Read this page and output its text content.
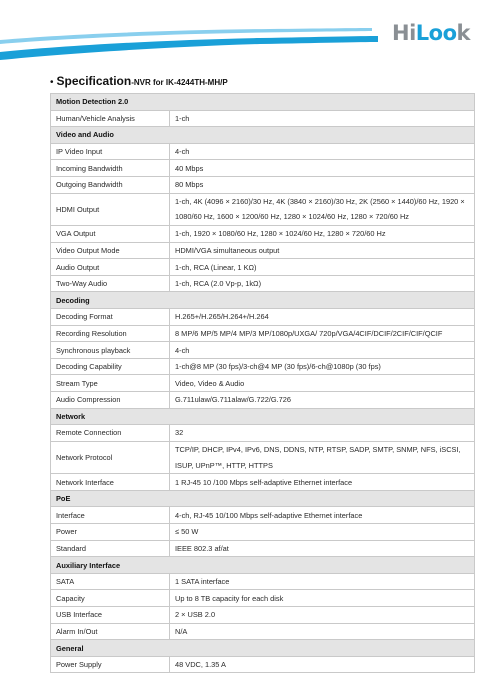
HiLook
• Specification-NVR for IK-4244TH-MH/P
Motion Detection 2.0	
Human/Vehicle Analysis	1-ch
Video and Audio	
IP Video Input	4-ch
Incoming Bandwidth	40 Mbps
Outgoing Bandwidth	80 Mbps
HDMI Output	1-ch, 4K (4096 × 2160)/30 Hz, 4K (3840 × 2160)/30 Hz, 2K (2560 × 1440)/60 Hz, 1920 × 1080/60 Hz, 1600 × 1200/60 Hz, 1280 × 1024/60 Hz, 1280 × 720/60 Hz
VGA Output	1-ch, 1920 × 1080/60 Hz, 1280 × 1024/60 Hz, 1280 × 720/60 Hz
Video Output Mode	HDMI/VGA simultaneous output
Audio Output	1-ch, RCA (Linear, 1 KΩ)
Two-Way Audio	1-ch, RCA (2.0 Vp-p, 1kΩ)
Decoding	
Decoding Format	H.265+/H.265/H.264+/H.264
Recording Resolution	8 MP/6 MP/5 MP/4 MP/3 MP/1080p/UXGA/ 720p/VGA/4CIF/DCIF/2CIF/CIF/QCIF
Synchronous playback	4-ch
Decoding Capability	1-ch@8 MP (30 fps)/3-ch@4 MP (30 fps)/6-ch@1080p (30 fps)
Stream Type	Video, Video & Audio
Audio Compression	G.711ulaw/G.711alaw/G.722/G.726
Network	
Remote Connection	32
Network Protocol	TCP/IP, DHCP, IPv4, IPv6, DNS, DDNS, NTP, RTSP, SADP, SMTP, SNMP, NFS, iSCSI, ISUP, UPnP™, HTTP, HTTPS
Network Interface	1 RJ-45 10 /100 Mbps self-adaptive Ethernet interface
PoE	
Interface	4-ch, RJ-45 10/100 Mbps self-adaptive Ethernet interface
Power	≤ 50 W
Standard	IEEE 802.3 af/at
Auxiliary Interface	
SATA	1 SATA interface
Capacity	Up to 8 TB capacity for each disk
USB Interface	2 × USB 2.0
Alarm In/Out	N/A
General	
Power Supply	48 VDC, 1.35 A
